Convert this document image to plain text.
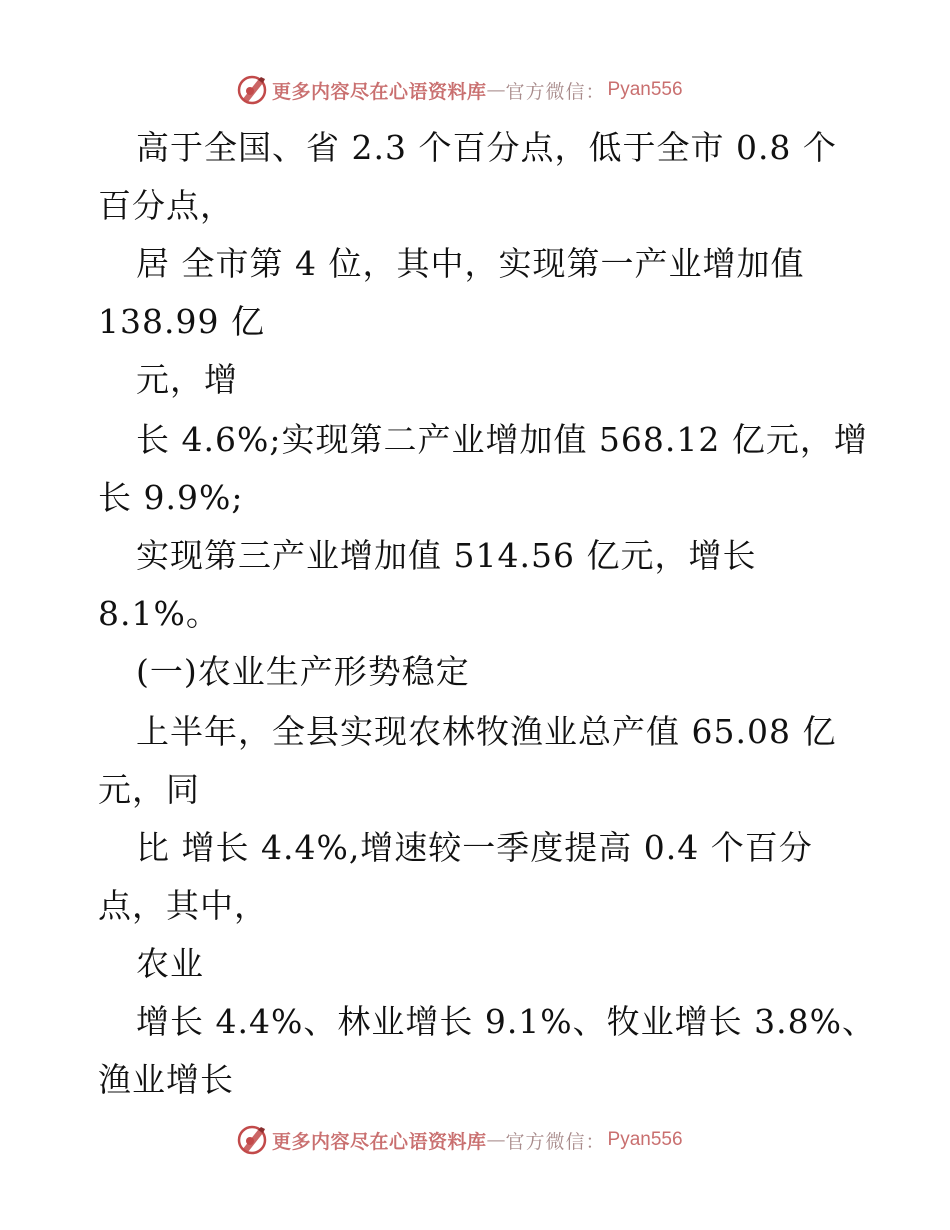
更多内容尽在心语资料库 — 官方微信： Pyan556
高于全国、省 2.3 个百分点，低于全市 0.8 个
百分点，
居 全市第 4 位，其中，实现第一产业增加值
138.99 亿
元，增
长 4.6%;实现第二产业增加值 568.12 亿元，增
长 9.9%;
实现第三产业增加值 514.56 亿元，增长
8.1%。
(一)农业生产形势稳定
上半年，全县实现农林牧渔业总产值 65.08 亿
元，同
比 增长 4.4%,增速较一季度提高 0.4 个百分
点，其中，
农业
增长 4.4%、林业增长 9.1%、牧业增长 3.8%、
渔业增长
更多内容尽在心语资料库 — 官方微信： Pyan556
